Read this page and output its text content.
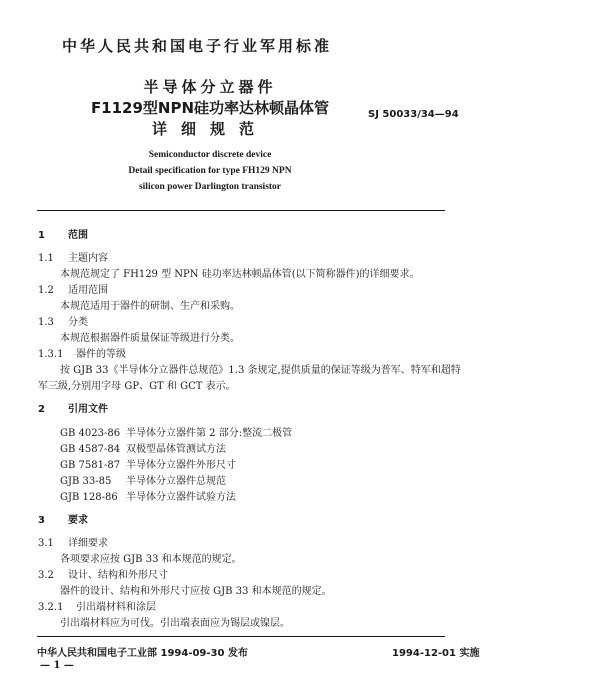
中华人民共和国电子行业军用标准
半导体分立器件
F1129型NPN硅功率达林顿晶体管
详细规范
SJ 50033/34—94
Semiconductor discrete device
Detail specification for type FH129 NPN
silicon power Darlington transistor
1 范围
1.1 主题内容
本规范规定了 FH129 型 NPN 硅功率达林顿晶体管(以下简称器件)的详细要求。
1.2 适用范围
本规范适用于器件的研制、生产和采购。
1.3 分类
本规范根据器件质量保证等级进行分类。
1.3.1 器件的等级
按 GJB 33《半导体分立器件总规范》1.3 条规定,提供质量的保证等级为普军、特军和超特
军三级,分别用字母 GP、GT 和 GCT 表示。
2 引用文件
GB 4023-86 半导体分立器件第 2 部分:整流二极管
GB 4587-84 双极型晶体管测试方法
GB 7581-87 半导体分立器件外形尺寸
GJB 33-85 半导体分立器件总规范
GJB 128-86 半导体分立器件试验方法
3 要求
3.1 详细要求
各项要求应按 GJB 33 和本规范的规定。
3.2 设计、结构和外形尺寸
器件的设计、结构和外形尺寸应按 GJB 33 和本规范的规定。
3.2.1 引出端材料和涂层
引出端材料应为可伐。引出端表面应为锡层或镍层。
中华人民共和国电子工业部 1994-09-30 发布	1994-12-01 实施
— 1 —
